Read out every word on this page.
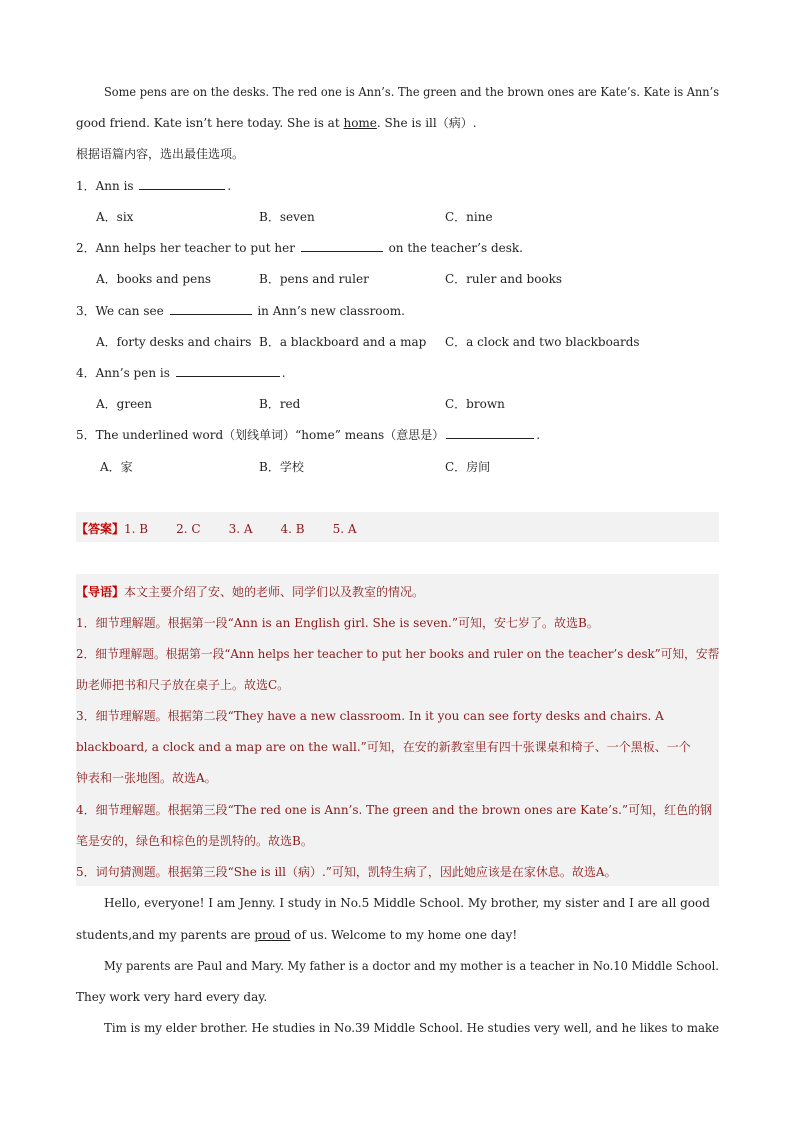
Some pens are on the desks. The red one is Ann’s. The green and the brown ones are Kate’s. Kate is Ann’s
good friend. Kate isn’t here today. She is at home. She is ill（病）.
根据语篇内容，选出最佳选项。
1．Ann is	.
A．six	B．seven	C．nine
2．Ann helps her teacher to put her	on the teacher’s desk.
A．books and pens	B．pens and ruler	C．ruler and books
3．We can see	in Ann’s new classroom.
A．forty desks and chairs B．a blackboard and a map C．a clock and two blackboards
4．Ann’s pen is	.
A．green	B．red	C．brown
5．The underlined word（划线单词）“home” means（意思是）	.
A．家	B．学校	C．房间
【答案】1. B 2. C 3. A 4. B 5. A
【导语】本文主要介绍了安、她的老师、同学们以及教室的情况。
1．细节理解题。根据第一段“Ann is an English girl. She is seven.”可知，安七岁了。故选B。
2．细节理解题。根据第一段“Ann helps her teacher to put her books and ruler on the teacher’s desk”可知，安帮
助老师把书和尺子放在桌子上。故选C。
3．细节理解题。根据第二段“They have a new classroom. In it you can see forty desks and chairs. A
blackboard, a clock and a map are on the wall.”可知，在安的新教室里有四十张课桌和椅子、一个黑板、一个
钟表和一张地图。故选A。
4．细节理解题。根据第三段“The red one is Ann’s. The green and the brown ones are Kate’s.”可知，红色的钢
笔是安的，绿色和棕色的是凯特的。故选B。
5．词句猜测题。根据第三段“She is ill（病）.”可知，凯特生病了，因此她应该是在家休息。故选A。
Hello, everyone! I am Jenny. I study in No.5 Middle School. My brother, my sister and I are all good
students,and my parents are proud of us. Welcome to my home one day!
My parents are Paul and Mary. My father is a doctor and my mother is a teacher in No.10 Middle School.
They work very hard every day.
Tim is my elder brother. He studies in No.39 Middle School. He studies very well, and he likes to make
